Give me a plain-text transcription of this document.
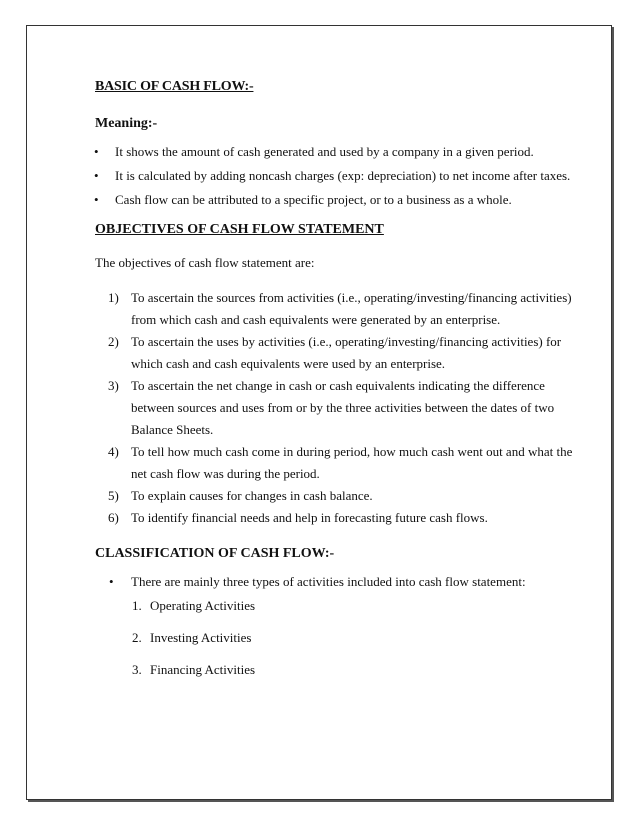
BASIC OF CASH FLOW:-
Meaning:-
• It shows the amount of cash generated and used by a company in a given period.
• It is calculated by adding noncash charges (exp: depreciation) to net income after taxes.
• Cash flow can be attributed to a specific project, or to a business as a whole.
OBJECTIVES OF CASH FLOW STATEMENT
The objectives of cash flow statement are:
1) To ascertain the sources from activities (i.e., operating/investing/financing activities) from which cash and cash equivalents were generated by an enterprise.
2) To ascertain the uses by activities (i.e., operating/investing/financing activities) for which cash and cash equivalents were used by an enterprise.
3) To ascertain the net change in cash or cash equivalents indicating the difference between sources and uses from or by the three activities between the dates of two Balance Sheets.
4) To tell how much cash come in during period, how much cash went out and what the net cash flow was during the period.
5) To explain causes for changes in cash balance.
6) To identify financial needs and help in forecasting future cash flows.
CLASSIFICATION OF CASH FLOW:-
• There are mainly three types of activities included into cash flow statement:
1. Operating Activities
2. Investing Activities
3. Financing Activities
